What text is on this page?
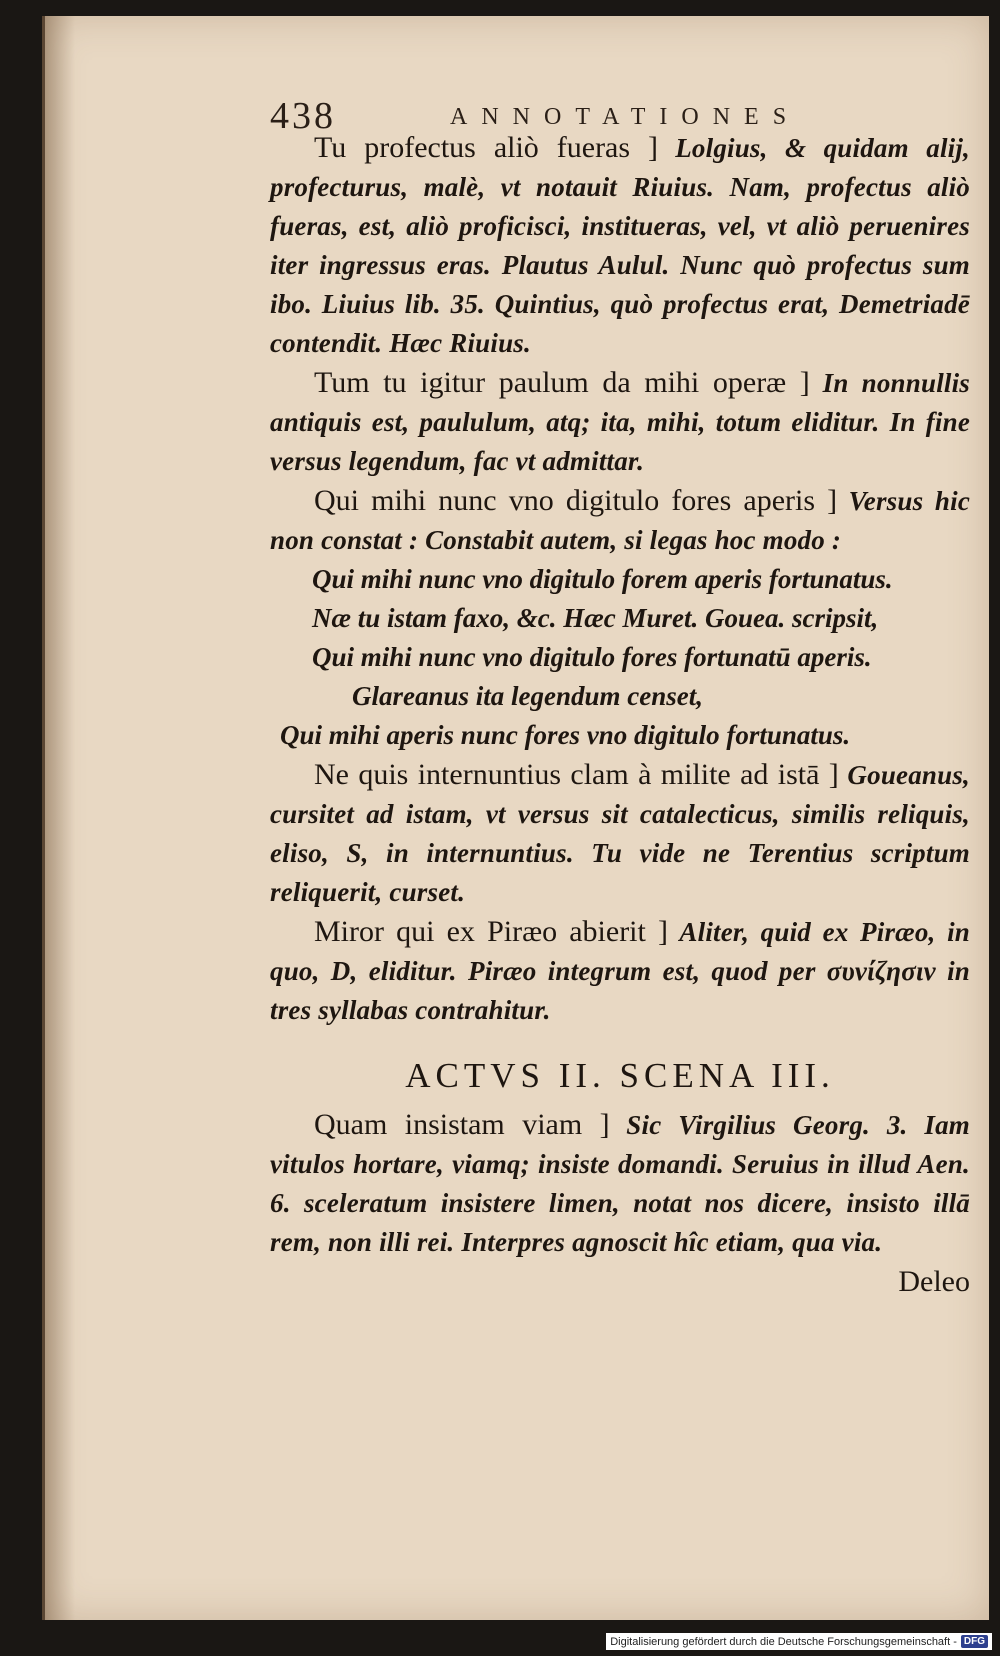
438	ANNOTATIONES

Tu profectus aliò fueras ] Lolgius, & quidam alij, profecturus, malè, vt notauit Riuius. Nam, profectus aliò fueras, est, aliò proficisci, institueras, vel, vt aliò peruenires iter ingressus eras. Plautus Aulul. Nunc quò profectus sum ibo. Liuius lib. 35. Quintius, quò profectus erat, Demetriadē contendit. Hæc Riuius.

Tum tu igitur paulum da mihi operæ ] In nonnullis antiquis est, paululum, atq; ita, mihi, totum eliditur. In fine versus legendum, fac vt admittar.

Qui mihi nunc vno digitulo fores aperis ] Versus hic non constat : Constabit autem, si legas hoc modo :

Qui mihi nunc vno digitulo forem aperis fortunatus.

Næ tu istam faxo, &c. Hæc Muret. Gouea. scripsit,

Qui mihi nunc vno digitulo fores fortunatū aperis.

Glareanus ita legendum censet,

Qui mihi aperis nunc fores vno digitulo fortunatus.

Ne quis internuntius clam à milite ad istā ] Goueanus, cursitet ad istam, vt versus sit catalecticus, similis reliquis, eliso, S, in internuntius. Tu vide ne Terentius scriptum reliquerit, curset.

Miror qui ex Piræo abierit ] Aliter, quid ex Piræo, in quo, D, eliditur. Piræo integrum est, quod per συνίζησιν in tres syllabas contrahitur.

ACTVS II. SCENA III.

Quam insistam viam ] Sic Virgilius Georg. 3. Iam vitulos hortare, viamq; insiste domandi. Seruius in illud Aen. 6. sceleratum insistere limen, notat nos dicere, insisto illā rem, non illi rei. Interpres agnoscit hîc etiam, qua via.

Deleo

Digitalisierung gefördert durch die Deutsche Forschungsgemeinschaft - DFG
